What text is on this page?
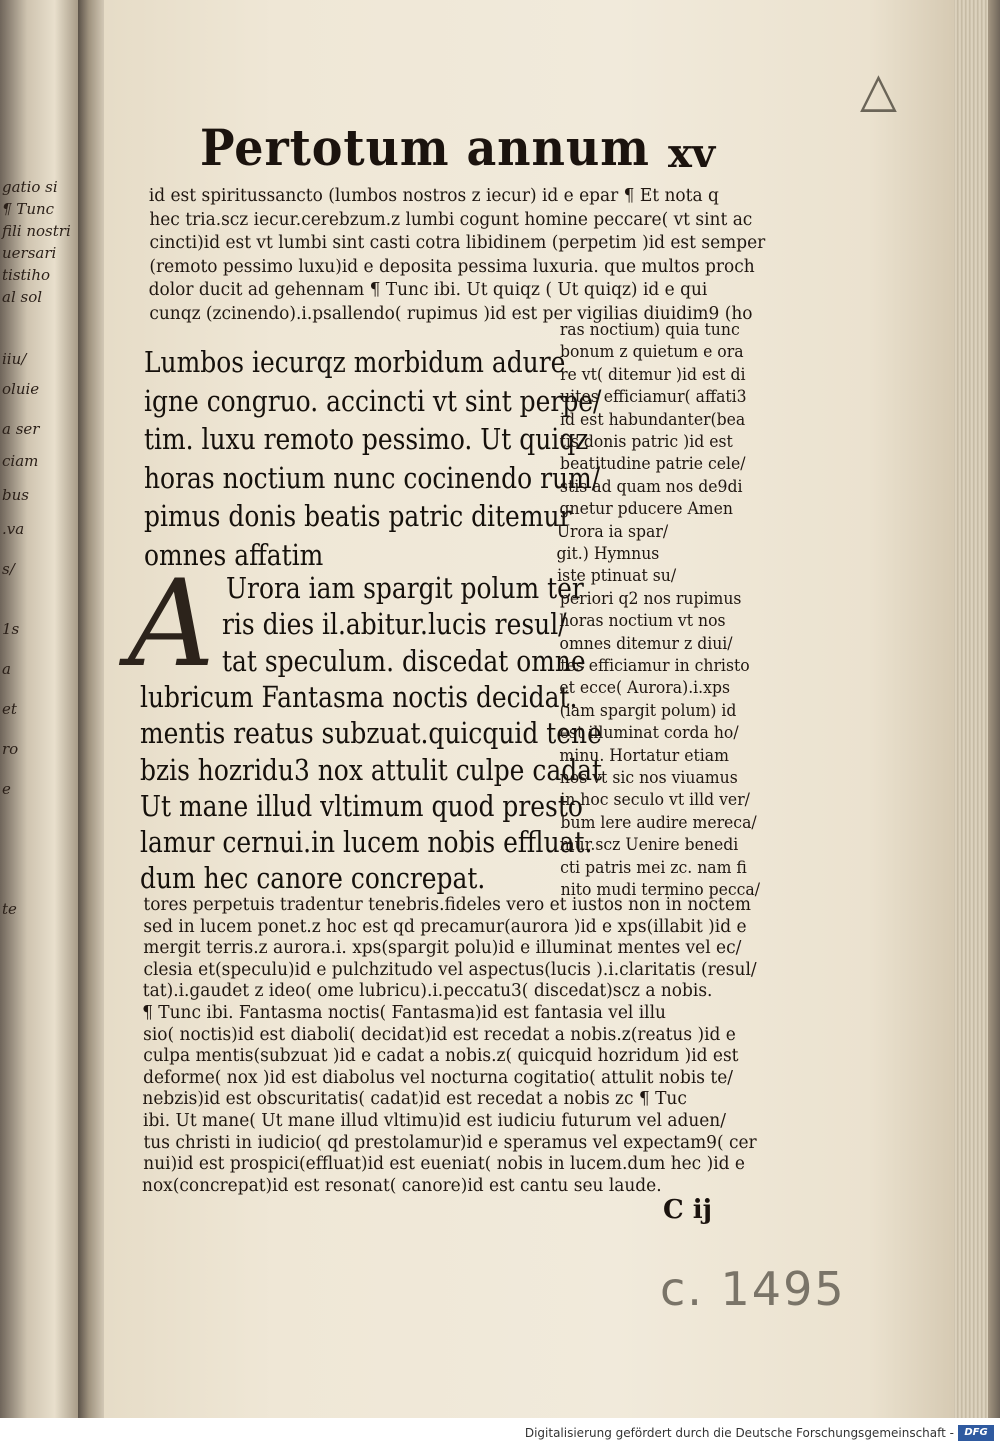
gatio si
¶ Tunc
fili nostri
uersari
tistiho
al sol
iiu/
oluie
a ser
ciam
bus
.va
s/
1s
a
et
ro
e
te
△
Pertotum annum xv
id est spiritussancto (lumbos nostros z iecur) id e epar ¶ Et nota q
hec tria.scz iecur.cerebzum.z lumbi cogunt homine peccare( vt sint ac
cincti)id est vt lumbi sint casti cotra libidinem (perpetim )id est semper
(remoto pessimo luxu)id e deposita pessima luxuria. que multos proch
dolor ducit ad gehennam ¶ Tunc ibi. Ut quiqz ( Ut quiqz) id e qui
cunqz (zcinendo).i.psallendo( rupimus )id est per vigilias diuidim9 (ho
Lumbos iecurqz morbidum adure
igne congruo. accincti vt sint perpe/
tim. luxu remoto pessimo. Ut quiqz
horas noctium nunc cocinendo rum/
pimus donis beatis patric ditemur
omnes affatim
A Urora iam spargit polum ter
ris dies il.abitur.lucis resul/
tat speculum. discedat omne
lubricum Fantasma noctis decidat.
mentis reatus subzuat.quicquid tene
bzis hozridu3 nox attulit culpe cadat
Ut mane illud vltimum quod presto
lamur cernui.in lucem nobis effluat.
dum hec canore concrepat.
ras noctium) quia tunc
bonum z quietum e ora
re vt( ditemur )id est di
uites efficiamur( affati3
id est habundanter(bea
tis donis patric )id est
beatitudine patrie cele/
stis ad quam nos de9di
gnetur pducere Amen
Urora ia spar/
git.) Hymnus
iste ptinuat su/
periori q2 nos rupimus
horas noctium vt nos
omnes ditemur z diui/
tes efficiamur in christo
et ecce( Aurora).i.xps
(iam spargit polum) id
est illuminat corda ho/
minu. Hortatur etiam
nos vt sic nos viuamus
in hoc seculo vt illd ver/
bum lere audire mereca/
mur.scz Uenire benedi
cti patris mei zc. nam fi
nito mudi termino pecca/
tores perpetuis tradentur tenebris.fideles vero et iustos non in noctem
sed in lucem ponet.z hoc est qd precamur(aurora )id e xps(illabit )id e
mergit terris.z aurora.i. xps(spargit polu)id e illuminat mentes vel ec/
clesia et(speculu)id e pulchzitudo vel aspectus(lucis ).i.claritatis (resul/
tat).i.gaudet z ideo( ome lubricu).i.peccatu3( discedat)scz a nobis.
¶ Tunc ibi. Fantasma noctis( Fantasma)id est fantasia vel illu
sio( noctis)id est diaboli( decidat)id est recedat a nobis.z(reatus )id e
culpa mentis(subzuat )id e cadat a nobis.z( quicquid hozridum )id est
deforme( nox )id est diabolus vel nocturna cogitatio( attulit nobis te/
nebzis)id est obscuritatis( cadat)id est recedat a nobis zc ¶ Tuc
ibi. Ut mane( Ut mane illud vltimu)id est iudiciu futurum vel aduen/
tus christi in iudicio( qd prestolamur)id e speramus vel expectam9( cer
nui)id est prospici(effluat)id est eueniat( nobis in lucem.dum hec )id e
nox(concrepat)id est resonat( canore)id est cantu seu laude.
C ij
c. 1495
Digitalisierung gefördert durch die Deutsche Forschungsgemeinschaft -	DFG
